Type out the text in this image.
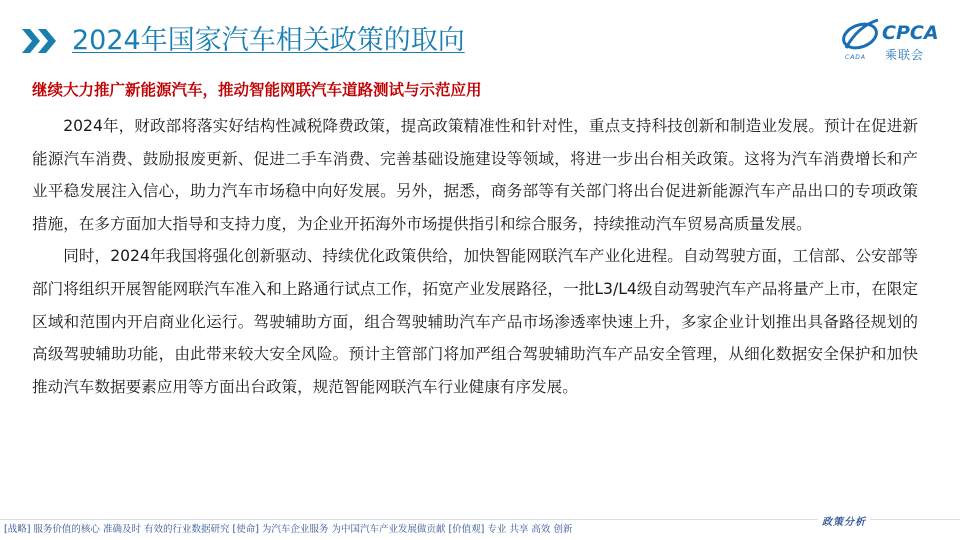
2024年国家汽车相关政策的取向	CPCA
乘联会
CADA
继续大力推广新能源汽车，推动智能网联汽车道路测试与示范应用

2024年，财政部将落实好结构性减税降费政策，提高政策精准性和针对性，重点支持科技创新和制造业发展。预计在促进新能源汽车消费、鼓励报废更新、促进二手车消费、完善基础设施建设等领域，将进一步出台相关政策。这将为汽车消费增长和产业平稳发展注入信心，助力汽车市场稳中向好发展。另外，据悉，商务部等有关部门将出台促进新能源汽车产品出口的专项政策措施，在多方面加大指导和支持力度，为企业开拓海外市场提供指引和综合服务，持续推动汽车贸易高质量发展。

同时，2024年我国将强化创新驱动、持续优化政策供给，加快智能网联汽车产业化进程。自动驾驶方面，工信部、公安部等部门将组织开展智能网联汽车准入和上路通行试点工作，拓宽产业发展路径，一批L3/L4级自动驾驶汽车产品将量产上市，在限定区域和范围内开启商业化运行。驾驶辅助方面，组合驾驶辅助汽车产品市场渗透率快速上升，多家企业计划推出具备路径规划的高级驾驶辅助功能，由此带来较大安全风险。预计主管部门将加严组合驾驶辅助汽车产品安全管理，从细化数据安全保护和加快推动汽车数据要素应用等方面出台政策，规范智能网联汽车行业健康有序发展。

[战略] 服务价值的核心 准确及时 有效的行业数据研究 [使命] 为汽车企业服务 为中国汽车产业发展做贡献 [价值观] 专业 共享 高效 创新
政策分析
